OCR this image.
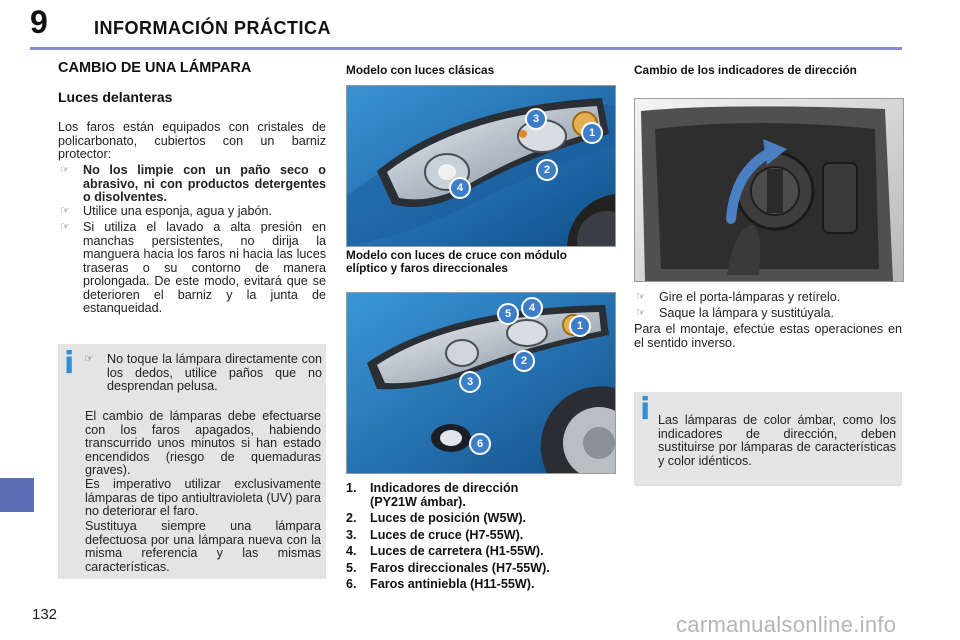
9	INFORMACIÓN PRÁCTICA
132
CAMBIO DE UNA LÁMPARA
Luces delanteras

Los faros están equipados con cristales de policarbonato, cubiertos con un barniz protector:

☞ No los limpie con un paño seco o abrasivo, ni con productos detergentes o disolventes.
☞ Utilice una esponja, agua y jabón.
☞ Si utiliza el lavado a alta presión en manchas persistentes, no dirija la manguera hacia los faros ni hacia las luces traseras o su contorno de manera prolongada. De este modo, evitará que se deterioren el barniz y la junta de estanqueidad.
i ☞ No toque la lámpara directamente con los dedos, utilice paños que no desprendan pelusa.

El cambio de lámparas debe efectuarse con los faros apagados, habiendo transcurrido unos minutos si han estado encendidos (riesgo de quemaduras graves).

Es imperativo utilizar exclusivamente lámparas de tipo antiultravioleta (UV) para no deteriorar el faro.

Sustituya siempre una lámpara defectuosa por una lámpara nueva con la misma referencia y las mismas características.

Modelo con luces clásicas
1
2
3
4
Modelo con luces de cruce con módulo elíptico y faros direccionales
1
2
3
4
5
6
1. Indicadores de dirección (PY21W ámbar).
2. Luces de posición (W5W).
3. Luces de cruce (H7-55W).
4. Luces de carretera (H1-55W).
5. Faros direccionales (H7-55W).
6. Faros antiniebla (H11-55W).
Cambio de los indicadores de dirección
☞ Gire el porta-lámparas y retírelo.
☞ Saque la lámpara y sustitúyala.

Para el montaje, efectúe estas operaciones en el sentido inverso.

i Las lámparas de color ámbar, como los indicadores de dirección, deben sustituirse por lámparas de características y color idénticos.

carmanualsonline.info
